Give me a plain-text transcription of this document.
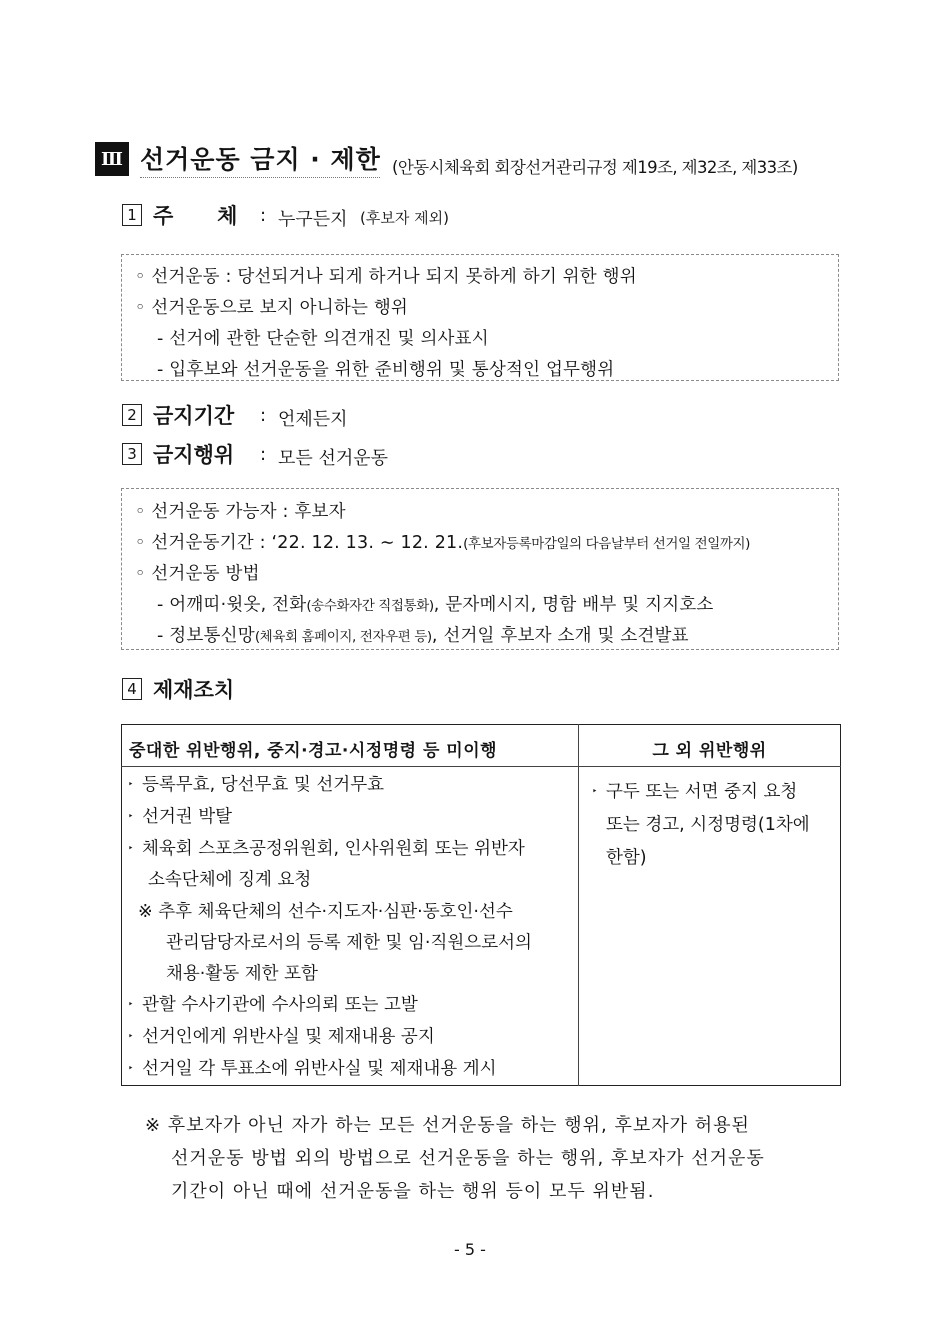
Ⅲ 선거운동 금지 · 제한 (안동시체육회 회장선거관리규정 제19조, 제32조, 제33조)
1 주      체 : 누구든지 (후보자 제외)
◦ 선거운동 : 당선되거나 되게 하거나 되지 못하게 하기 위한 행위
◦ 선거운동으로 보지 아니하는 행위
- 선거에 관한 단순한 의견개진 및 의사표시
- 입후보와 선거운동을 위한 준비행위 및 통상적인 업무행위
2 금지기간 : 언제든지
3 금지행위 : 모든 선거운동
◦ 선거운동 가능자 : 후보자
◦ 선거운동기간 : ‘22. 12. 13. ∼ 12. 21.(후보자등록마감일의 다음날부터 선거일 전일까지)
◦ 선거운동 방법
- 어깨띠·윗옷, 전화(송수화자간 직접통화), 문자메시지, 명함 배부 및 지지호소
- 정보통신망(체육회 홈페이지, 전자우편 등), 선거일 후보자 소개 및 소견발표
4 제재조치
중대한 위반행위, 중지·경고·시정명령 등 미이행	그 외 위반행위
‣ 등록무효, 당선무효 및 선거무효
‣ 선거권 박탈
‣ 체육회 스포츠공정위원회, 인사위원회 또는 위반자
소속단체에 징계 요청
※ 추후 체육단체의 선수·지도자·심판·동호인·선수
관리담당자로서의 등록 제한 및 임·직원으로서의
채용·활동 제한 포함
‣ 관할 수사기관에 수사의뢰 또는 고발
‣ 선거인에게 위반사실 및 제재내용 공지
‣ 선거일 각 투표소에 위반사실 및 제재내용 게시
‣ 구두 또는 서면 중지 요청
또는 경고, 시정명령(1차에
한함)
※ 후보자가 아닌 자가 하는 모든 선거운동을 하는 행위, 후보자가 허용된
선거운동 방법 외의 방법으로 선거운동을 하는 행위, 후보자가 선거운동
기간이 아닌 때에 선거운동을 하는 행위 등이 모두 위반됨.
- 5 -
